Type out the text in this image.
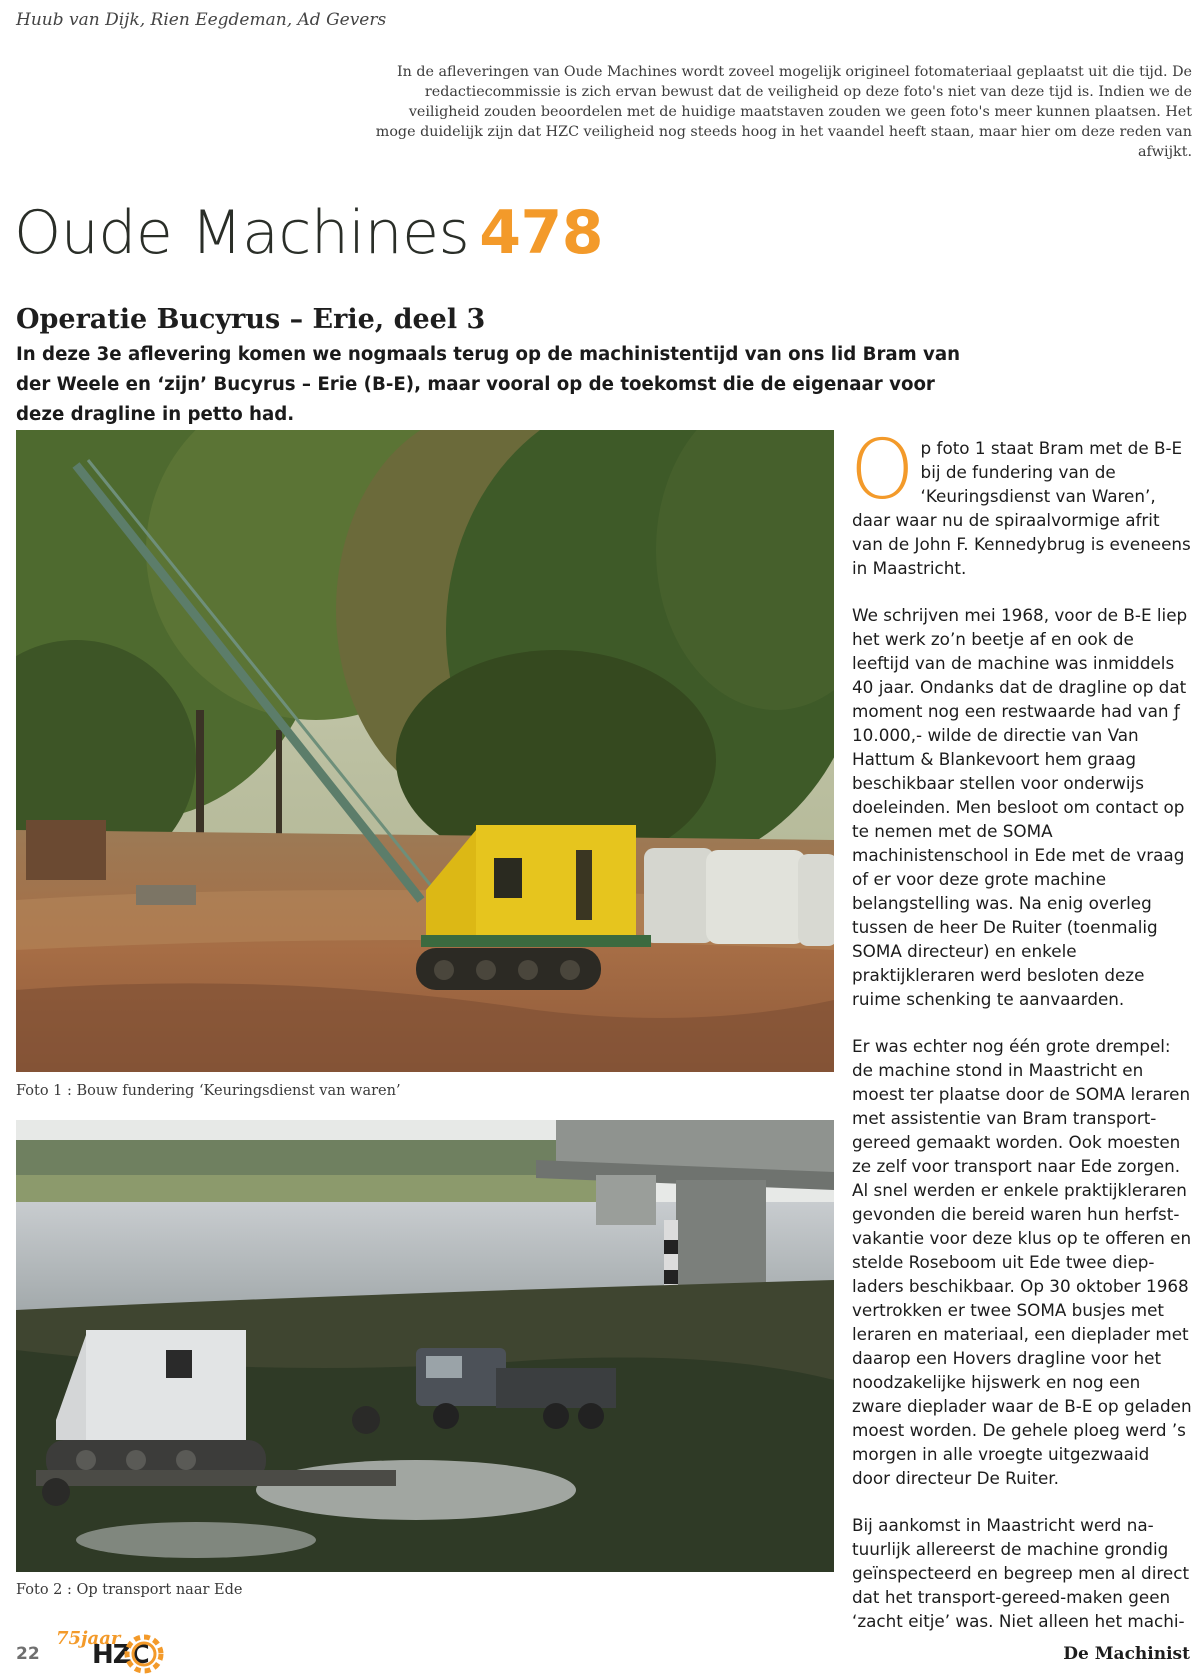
Huub van Dijk, Rien Eegdeman, Ad Gevers
In de afleveringen van Oude Machines wordt zoveel mogelijk origineel fotomateriaal geplaatst uit die tijd. De redactiecommissie is zich ervan bewust dat de veiligheid op deze foto's niet van deze tijd is. Indien we de veiligheid zouden beoordelen met de huidige maatstaven zouden we geen foto's meer kunnen plaatsen. Het moge duidelijk zijn dat HZC veiligheid nog steeds hoog in het vaandel heeft staan, maar hier om deze reden van afwijkt.
Oude Machines 478
Operatie Bucyrus – Erie, deel 3
In deze 3e aflevering komen we nogmaals terug op de machinistentijd van ons lid Bram van der Weele en ‘zijn’ Bucyrus – Erie (B-E), maar vooral op de toekomst die de eigenaar voor deze dragline in petto had.
Foto 1 : Bouw fundering ‘Keuringsdienst van waren’
Foto 2 : Op transport naar Ede

Op foto 1 staat Bram met de B-E bij de fundering van de ‘Keuringsdienst van Waren’, daar waar nu de spiraalvormige afrit van de John F. Kennedybrug is eveneens in Maastricht.

We schrijven mei 1968, voor de B-E liep het werk zo’n beetje af en ook de leeftijd van de machine was inmiddels 40 jaar. Ondanks dat de dragline op dat moment nog een restwaarde had van ƒ 10.000,- wilde de directie van Van Hattum & Blankevoort hem graag beschikbaar stellen voor onderwijs doeleinden. Men besloot om contact op te nemen met de SOMA machinistenschool in Ede met de vraag of er voor deze grote machine belangstelling was. Na enig overleg tussen de heer De Ruiter (toenmalig SOMA directeur) en enkele praktijkleraren werd besloten deze ruime schenking te aanvaarden.

Er was echter nog één grote drempel: de machine stond in Maastricht en moest ter plaatse door de SOMA leraren met assistentie van Bram transport-gereed gemaakt worden. Ook moesten ze zelf voor transport naar Ede zorgen. Al snel werden er enkele praktijkleraren gevonden die bereid waren hun herfst-vakantie voor deze klus op te offeren en stelde Roseboom uit Ede twee diep-laders beschikbaar. Op 30 oktober 1968 vertrokken er twee SOMA busjes met leraren en materiaal, een dieplader met daarop een Hovers dragline voor het noodzakelijke hijswerk en nog een zware dieplader waar de B-E op geladen moest worden. De gehele ploeg werd ’s morgen in alle vroegte uitgezwaaid door directeur De Ruiter.

Bij aankomst in Maastricht werd na-tuurlijk allereerst de machine grondig geïnspecteerd en begreep men al direct dat het transport-gereed-maken geen ‘zacht eitje’ was. Niet alleen het machi-

22
75jaar
HZC	De Machinist
